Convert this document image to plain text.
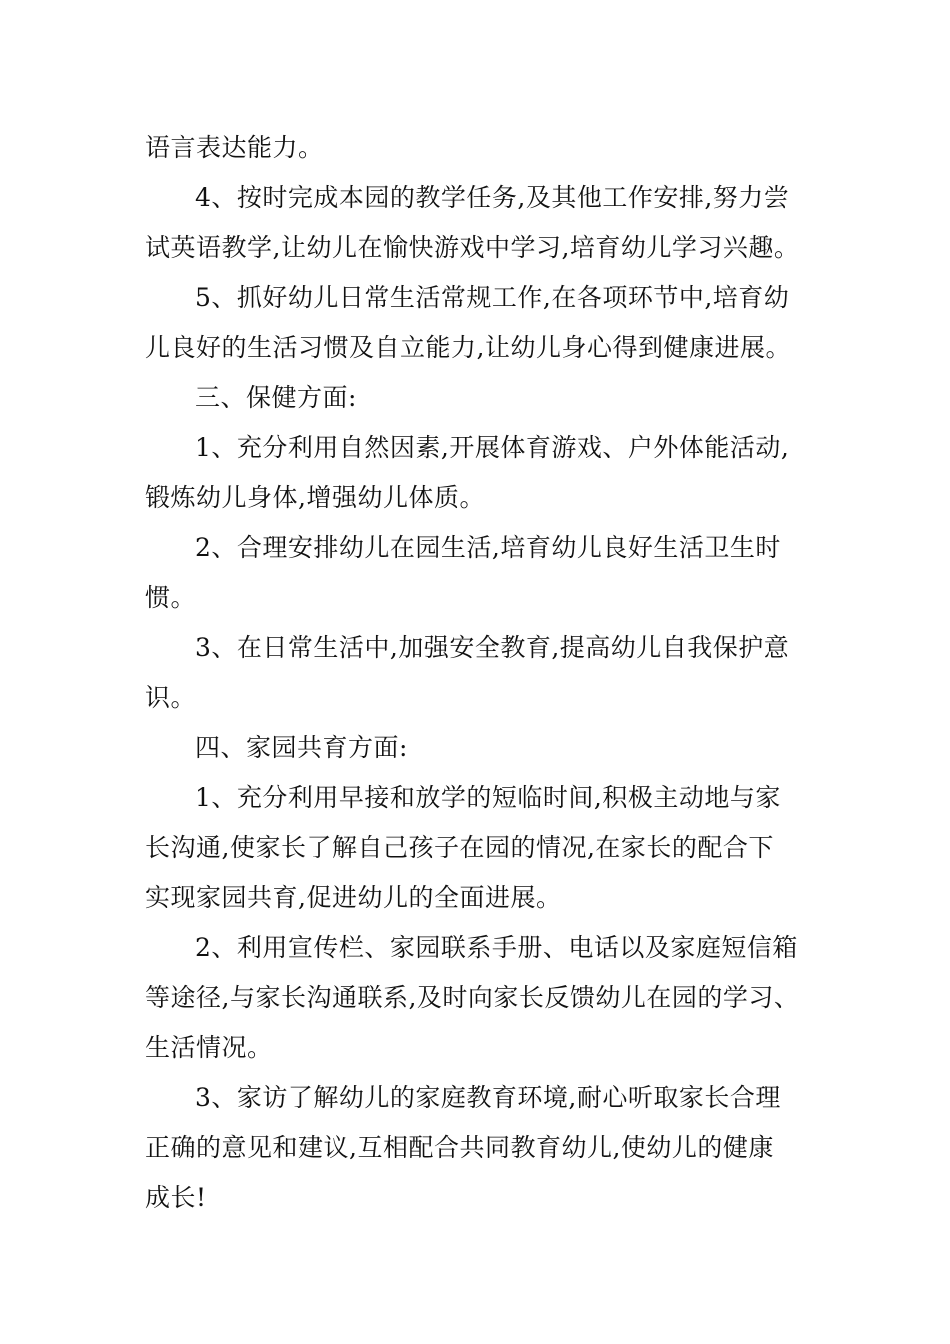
语言表达能力。
4、按时完成本园的教学任务,及其他工作安排,努力尝
试英语教学,让幼儿在愉快游戏中学习,培育幼儿学习兴趣。
5、抓好幼儿日常生活常规工作,在各项环节中,培育幼
儿良好的生活习惯及自立能力,让幼儿身心得到健康进展。
三、保健方面:
1、充分利用自然因素,开展体育游戏、户外体能活动,
锻炼幼儿身体,增强幼儿体质。
2、合理安排幼儿在园生活,培育幼儿良好生活卫生时
惯。
3、在日常生活中,加强安全教育,提高幼儿自我保护意
识。
四、家园共育方面:
1、充分利用早接和放学的短临时间,积极主动地与家
长沟通,使家长了解自己孩子在园的情况,在家长的配合下
实现家园共育,促进幼儿的全面进展。
2、利用宣传栏、家园联系手册、电话以及家庭短信箱
等途径,与家长沟通联系,及时向家长反馈幼儿在园的学习、
生活情况。
3、家访了解幼儿的家庭教育环境,耐心听取家长合理
正确的意见和建议,互相配合共同教育幼儿,使幼儿的健康
成长!
